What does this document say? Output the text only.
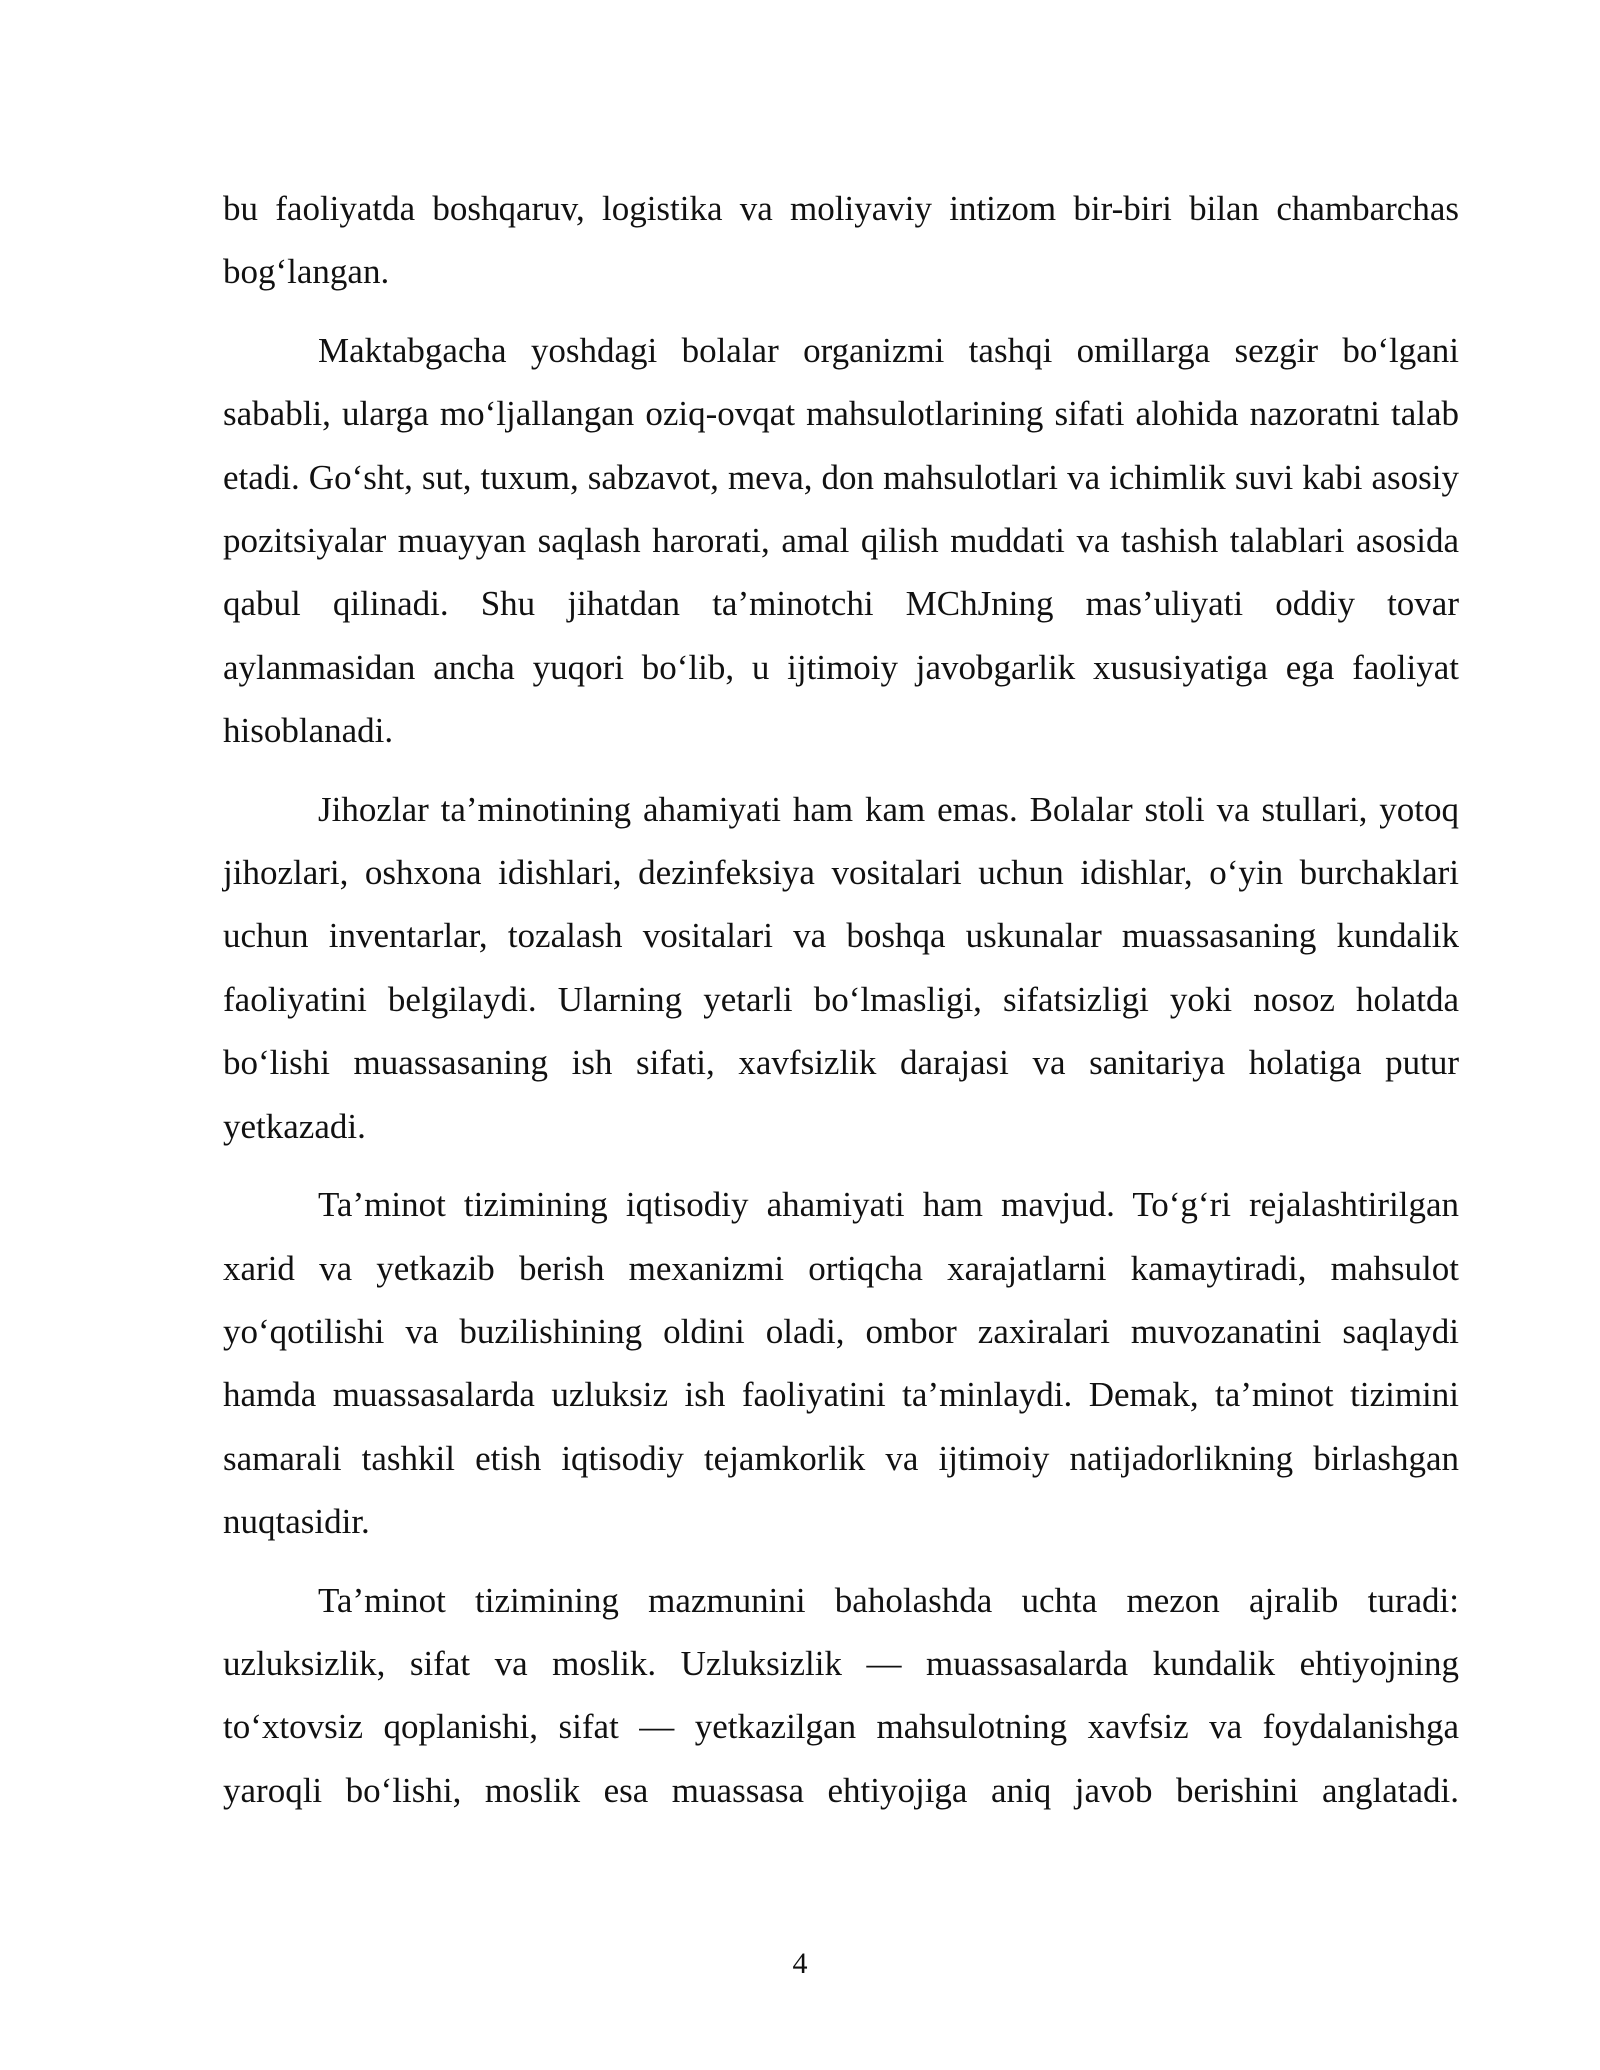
bu faoliyatda boshqaruv, logistika va moliyaviy intizom bir-biri bilan chambarchas bog‘langan.

Maktabgacha yoshdagi bolalar organizmi tashqi omillarga sezgir bo‘lgani sababli, ularga mo‘ljallangan oziq-ovqat mahsulotlarining sifati alohida nazoratni talab etadi. Go‘sht, sut, tuxum, sabzavot, meva, don mahsulotlari va ichimlik suvi kabi asosiy pozitsiyalar muayyan saqlash harorati, amal qilish muddati va tashish talablari asosida qabul qilinadi. Shu jihatdan ta’minotchi MChJning mas’uliyati oddiy tovar aylanmasidan ancha yuqori bo‘lib, u ijtimoiy javobgarlik xususiyatiga ega faoliyat hisoblanadi.

Jihozlar ta’minotining ahamiyati ham kam emas. Bolalar stoli va stullari, yotoq jihozlari, oshxona idishlari, dezinfeksiya vositalari uchun idishlar, o‘yin burchaklari uchun inventarlar, tozalash vositalari va boshqa uskunalar muassasaning kundalik faoliyatini belgilaydi. Ularning yetarli bo‘lmasligi, sifatsizligi yoki nosoz holatda bo‘lishi muassasaning ish sifati, xavfsizlik darajasi va sanitariya holatiga putur yetkazadi.

Ta’minot tizimining iqtisodiy ahamiyati ham mavjud. To‘g‘ri rejalashtirilgan xarid va yetkazib berish mexanizmi ortiqcha xarajatlarni kamaytiradi, mahsulot yo‘qotilishi va buzilishining oldini oladi, ombor zaxiralari muvozanatini saqlaydi hamda muassasalarda uzluksiz ish faoliyatini ta’minlaydi. Demak, ta’minot tizimini samarali tashkil etish iqtisodiy tejamkorlik va ijtimoiy natijadorlikning birlashgan nuqtasidir.

Ta’minot tizimining mazmunini baholashda uchta mezon ajralib turadi: uzluksizlik, sifat va moslik. Uzluksizlik — muassasalarda kundalik ehtiyojning to‘xtovsiz qoplanishi, sifat — yetkazilgan mahsulotning xavfsiz va foydalanishga yaroqli bo‘lishi, moslik esa muassasa ehtiyojiga aniq javob berishini anglatadi.

4
